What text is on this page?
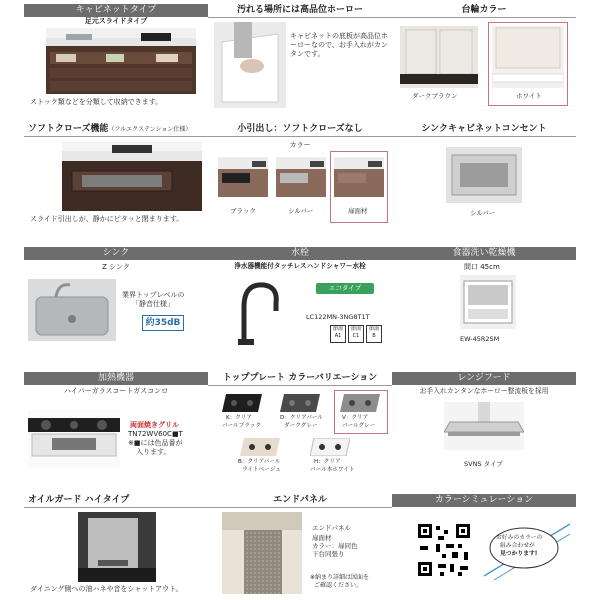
キャビネットタイプ
足元スライドタイプ
ストック類などを分類して収納できます。
汚れる場所には高品位ホーロー
キャビネットの底板が高品位ホーローなので、お手入れがカンタンです。
台輪カラー
ダークブラウン	ホワイト
ソフトクローズ機能（フルエクステンション仕様）
スライド引出しが、静かにピタッと閉まります。
小引出し：ソフトクローズなし
カラー
ブラック	シルバー	扉面材
シンクキャビネットコンセント
シルバー
シンク
Z シンク
業界トップレベルの
「静音仕様」
約35dB
水栓
浄水器機能付タッチレスハンドシャワー水栓
エコタイプ
LC122MN-3NG8T1T
節湯
A1
節湯
C1
節湯
B
食器洗い乾燥機
間口 45cm
EW-45R2SM
加熱機器
ハイパーガラスコートガスコンロ
両面焼きグリル
TN72WV60C■T
※■には色品番が
入ります。
トッププレート カラーバリエーション
K：クリア
パールブラック
D：クリアパール
ダークグレー
V：クリア
パールグレー
B：クリアパール
ライトベージュ
H：クリア
パール本ホワイト
レンジフード
お手入れカンタンなホーロー整流板を採用
SVNS タイプ
オイルガード ハイタイプ
ダイニング側への油ハネや音をシャットアウト。
エンドパネル
エンドパネル
扉面材
カラー：扉同色
下台同張り
※納まり詳細は図面を
ご確認ください。
カラーシミュレーション
お好みのカラーの
組み合わせが
見つかります!
